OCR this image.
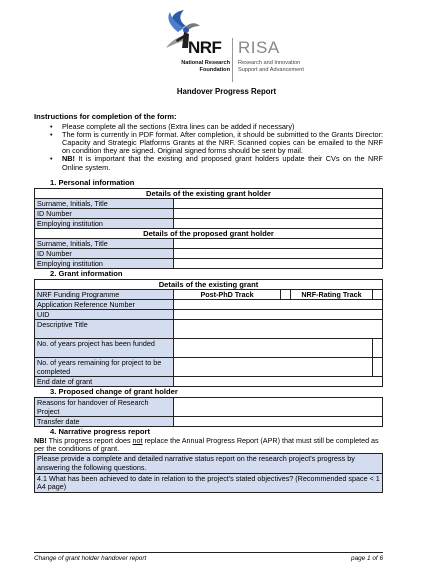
NRF RISA
National Research
Foundation
Research and Innovation
Support and Advancement
Handover Progress Report
Instructions for completion of the form:
• Please complete all the sections (Extra lines can be added if necessary)
• The form is currently in PDF format. After completion, it should be submitted to the Grants Director: Capacity and Strategic Platforms Grants at the NRF. Scanned copies can be emailed to the NRF on condition they are signed. Original signed forms should be sent by mail.
• NB! It is important that the existing and proposed grant holders update their CVs on the NRF Online system.
1. Personal information
Details of the existing grant holder	
Surname, Initials, Title	
ID Number	
Employing institution	
Details of the proposed grant holder	
Surname, Initials, Title	
ID Number	
Employing institution	
2. Grant information
Details of the existing grant				
NRF Funding Programme	Post-PhD Track		NRF-Rating Track	
Application Reference Number				
UID				
Descriptive Title				
No. of years project has been funded				
No. of years remaining for project to be completed				
End date of grant				
3. Proposed change of grant holder
Reasons for handover of Research Project	
Transfer date	
4. Narrative progress report
NB! This progress report does not replace the Annual Progress Report (APR) that must still be completed as per the conditions of grant.
Please provide a complete and detailed narrative status report on the research project's progress by answering the following questions.
4.1 What has been achieved to date in relation to the project's stated objectives? (Recommended space < 1 A4 page)
Change of grant holder handover report	page 1 of 6
